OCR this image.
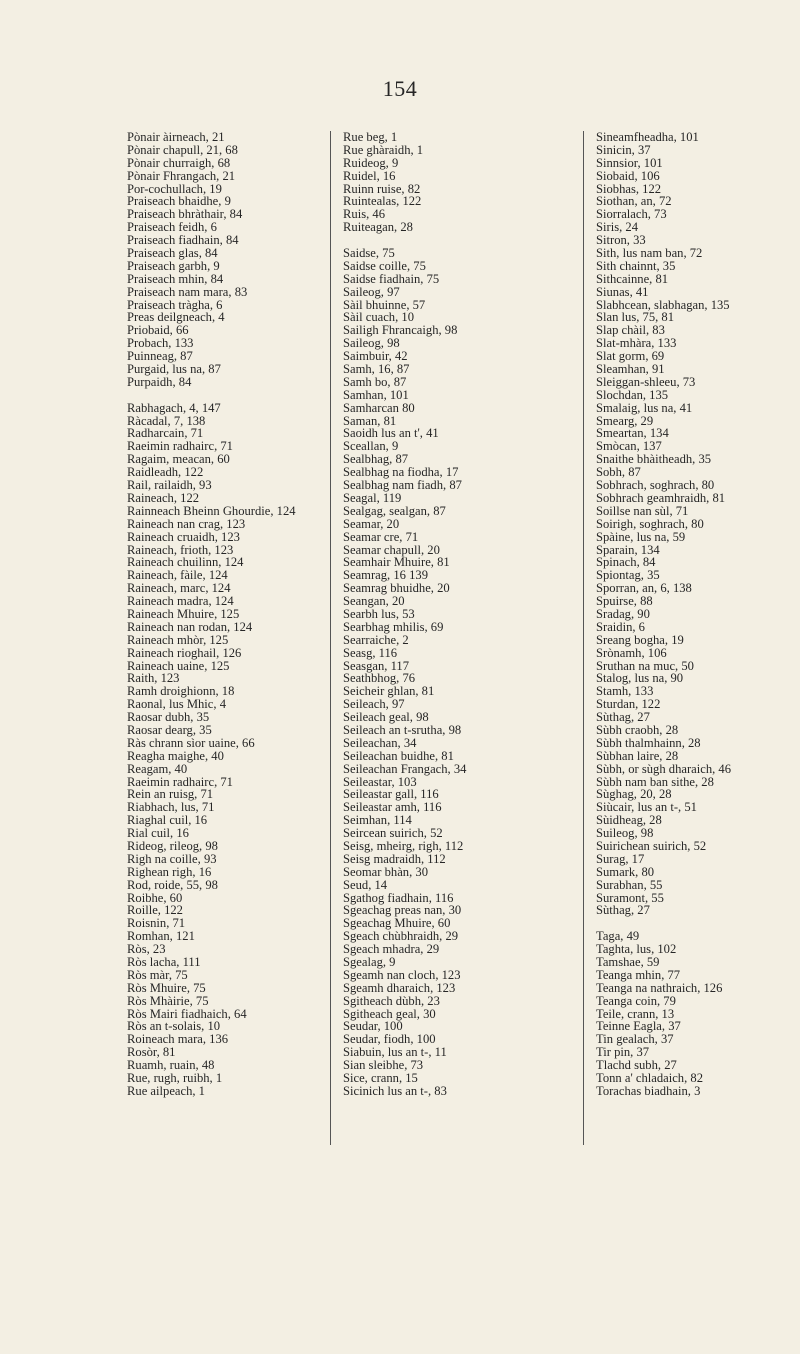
154
Pònair àirneach, 21
Pònair chapull, 21, 68
Pònair churraigh, 68
Pònair Fhrangach, 21
Por-cochullach, 19
Praiseach bhaidhe, 9
Praiseach bhràthair, 84
Praiseach feidh, 6
Praiseach fiadhain, 84
Praiseach glas, 84
Praiseach garbh, 9
Praiseach mhin, 84
Praiseach nam mara, 83
Praiseach tràgha, 6
Preas deilgneach, 4
Priobaid, 66
Probach, 133
Puinneag, 87
Purgaid, lus na, 87
Purpaidh, 84
Rabhagach, 4, 147
Ràcadal, 7, 138
Radharcain, 71
Raeimin radhairc, 71
Ragaim, meacan, 60
Raidleadh, 122
Rail, railaidh, 93
Raineach, 122
Rainneach Bheinn Ghourdie, 124
Raineach nan crag, 123
Raineach cruaidh, 123
Raineach, frioth, 123
Raineach chuilinn, 124
Raineach, fàile, 124
Raineach, marc, 124
Raineach madra, 124
Raineach Mhuire, 125
Raineach nan rodan, 124
Raineach mhòr, 125
Raineach rioghail, 126
Raineach uaine, 125
Raith, 123
Ramh droighionn, 18
Raonal, lus Mhic, 4
Raosar dubh, 35
Raosar dearg, 35
Ràs chrann sìor uaine, 66
Reagha maighe, 40
Reagam, 40
Raeimin radhairc, 71
Rein an ruisg, 71
Riabhach, lus, 71
Riaghal cuil, 16
Rial cuil, 16
Rideog, rileog, 98
Righ na coille, 93
Righean righ, 16
Rod, roide, 55, 98
Roibhe, 60
Roille, 122
Roisnin, 71
Romhan, 121
Ròs, 23
Ròs lacha, 111
Ròs màr, 75
Ròs Mhuire, 75
Ròs Mhàirie, 75
Ròs Mairi fiadhaich, 64
Ròs an t-solais, 10
Roineach mara, 136
Rosòr, 81
Ruamh, ruain, 48
Rue, rugh, ruibh, 1
Rue ailpeach, 1
Rue beg, 1
Rue ghàraidh, 1
Ruideog, 9
Ruidel, 16
Ruinn ruise, 82
Ruintealas, 122
Ruis, 46
Ruiteagan, 28
Saidse, 75
Saidse coille, 75
Saidse fiadhain, 75
Saileog, 97
Sàil bhuinne, 57
Sàil cuach, 10
Sailigh Fhrancaigh, 98
Saileog, 98
Saimbuir, 42
Samh, 16, 87
Samh bo, 87
Samhan, 101
Samharcan 80
Saman, 81
Saoidh lus an t', 41
Sceallan, 9
Sealbhag, 87
Sealbhag na fiodha, 17
Sealbhag nam fiadh, 87
Seagal, 119
Sealgag, sealgan, 87
Seamar, 20
Seamar cre, 71
Seamar chapull, 20
Seamhair Mhuire, 81
Seamrag, 16 139
Seamrag bhuidhe, 20
Seangan, 20
Searbh lus, 53
Searbhag mhilis, 69
Searraiche, 2
Seasg, 116
Seasgan, 117
Seathbhog, 76
Seicheir ghlan, 81
Seileach, 97
Seileach geal, 98
Seileach an t-srutha, 98
Seileachan, 34
Seileachan buidhe, 81
Seileachan Frangach, 34
Seileastar, 103
Seileastar gall, 116
Seileastar amh, 116
Seimhan, 114
Seircean suirich, 52
Seisg, mheirg, righ, 112
Seisg madraidh, 112
Seomar bhàn, 30
Seud, 14
Sgathog fiadhain, 116
Sgeachag preas nan, 30
Sgeachag Mhuire, 60
Sgeach chùbhraidh, 29
Sgeach mhadra, 29
Sgealag, 9
Sgeamh nan cloch, 123
Sgeamh dharaich, 123
Sgitheach dùbh, 23
Sgitheach geal, 30
Seudar, 100
Seudar, fiodh, 100
Siabuin, lus an t-, 11
Sian sleibhe, 73
Sice, crann, 15
Sicinich lus an t-, 83
Sineamfheadha, 101
Sinicin, 37
Sinnsior, 101
Siobaid, 106
Siobhas, 122
Siothan, an, 72
Siorralach, 73
Siris, 24
Sitron, 33
Sith, lus nam ban, 72
Sith chainnt, 35
Sithcainne, 81
Siunas, 41
Slabhcean, slabhagan, 135
Slan lus, 75, 81
Slap chàil, 83
Slat-mhàra, 133
Slat gorm, 69
Sleamhan, 91
Sleiggan-shleeu, 73
Slochdan, 135
Smalaig, lus na, 41
Smearg, 29
Smeartan, 134
Smòcan, 137
Snaithe bhàitheadh, 35
Sobh, 87
Sobhrach, soghrach, 80
Sobhrach geamhraidh, 81
Soillse nan sùl, 71
Soirigh, soghrach, 80
Spàine, lus na, 59
Sparain, 134
Spinach, 84
Spiontag, 35
Sporran, an, 6, 138
Spuirse, 88
Sradag, 90
Sraidin, 6
Sreang bogha, 19
Srònamh, 106
Sruthan na muc, 50
Stalog, lus na, 90
Stamh, 133
Sturdan, 122
Sùthag, 27
Sùbh craobh, 28
Sùbh thalmhainn, 28
Sùbhan laire, 28
Sùbh, or sùgh dharaich, 46
Sùbh nam ban sithe, 28
Sùghag, 20, 28
Siùcair, lus an t-, 51
Sùidheag, 28
Suileog, 98
Suirichean suirich, 52
Surag, 17
Sumark, 80
Surabhan, 55
Suramont, 55
Sùthag, 27
Taga, 49
Taghta, lus, 102
Tamshae, 59
Teanga mhin, 77
Teanga na nathraich, 126
Teanga coin, 79
Teile, crann, 13
Teinne Eagla, 37
Tin gealach, 37
Tir pin, 37
Tlachd subh, 27
Tonn a' chladaich, 82
Torachas biadhain, 3
